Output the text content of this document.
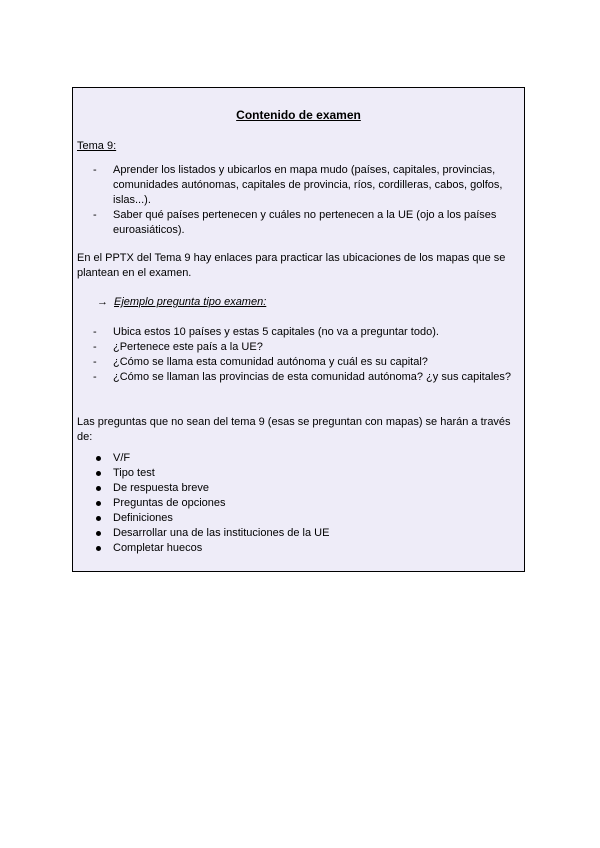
Contenido de examen
Tema 9:
- Aprender los listados y ubicarlos en mapa mudo (países, capitales, provincias, comunidades autónomas, capitales de provincia, ríos, cordilleras, cabos, golfos, islas...).
- Saber qué países pertenecen y cuáles no pertenecen a la UE (ojo a los países euroasiáticos).
En el PPTX del Tema 9 hay enlaces para practicar las ubicaciones de los mapas que se plantean en el examen.
→ Ejemplo pregunta tipo examen:
- Ubica estos 10 países y estas 5 capitales (no va a preguntar todo).
- ¿Pertenece este país a la UE?
- ¿Cómo se llama esta comunidad autónoma y cuál es su capital?
- ¿Cómo se llaman las provincias de esta comunidad autónoma? ¿y sus capitales?
Las preguntas que no sean del tema 9 (esas se preguntan con mapas) se harán a través de:
V/F
Tipo test
De respuesta breve
Preguntas de opciones
Definiciones
Desarrollar una de las instituciones de la UE
Completar huecos
